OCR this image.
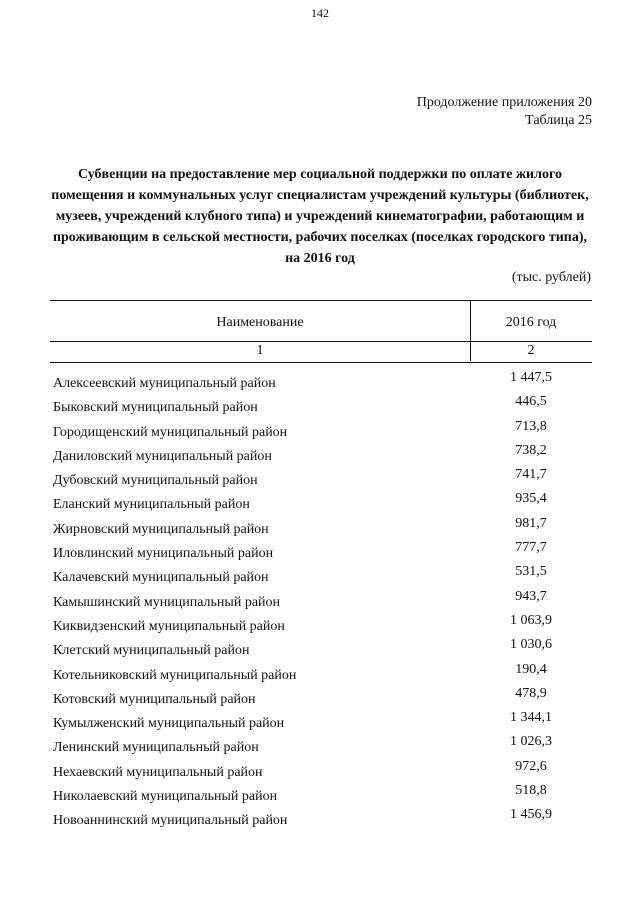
142
Продолжение приложения 20
Таблица 25
Субвенции на предоставление мер социальной поддержки по оплате жилого помещения и коммунальных услуг специалистам учреждений культуры (библиотек, музеев, учреждений клубного типа) и учреждений кинематографии, работающим и проживающим в сельской местности, рабочих поселках (поселках городского типа), на 2016 год
(тыс. рублей)
Наименование	2016 год
1	2
Алексеевский муниципальный район	1 447,5
Быковский муниципальный район	446,5
Городищенский муниципальный район	713,8
Даниловский муниципальный район	738,2
Дубовский муниципальный район	741,7
Еланский муниципальный район	935,4
Жирновский муниципальный район	981,7
Иловлинский муниципальный район	777,7
Калачевский муниципальный район	531,5
Камышинский муниципальный район	943,7
Киквидзенский муниципальный район	1 063,9
Клетский муниципальный район	1 030,6
Котельниковский муниципальный район	190,4
Котовский муниципальный район	478,9
Кумылженский муниципальный район	1 344,1
Ленинский муниципальный район	1 026,3
Нехаевский муниципальный район	972,6
Николаевский муниципальный район	518,8
Новоаннинский муниципальный район	1 456,9
